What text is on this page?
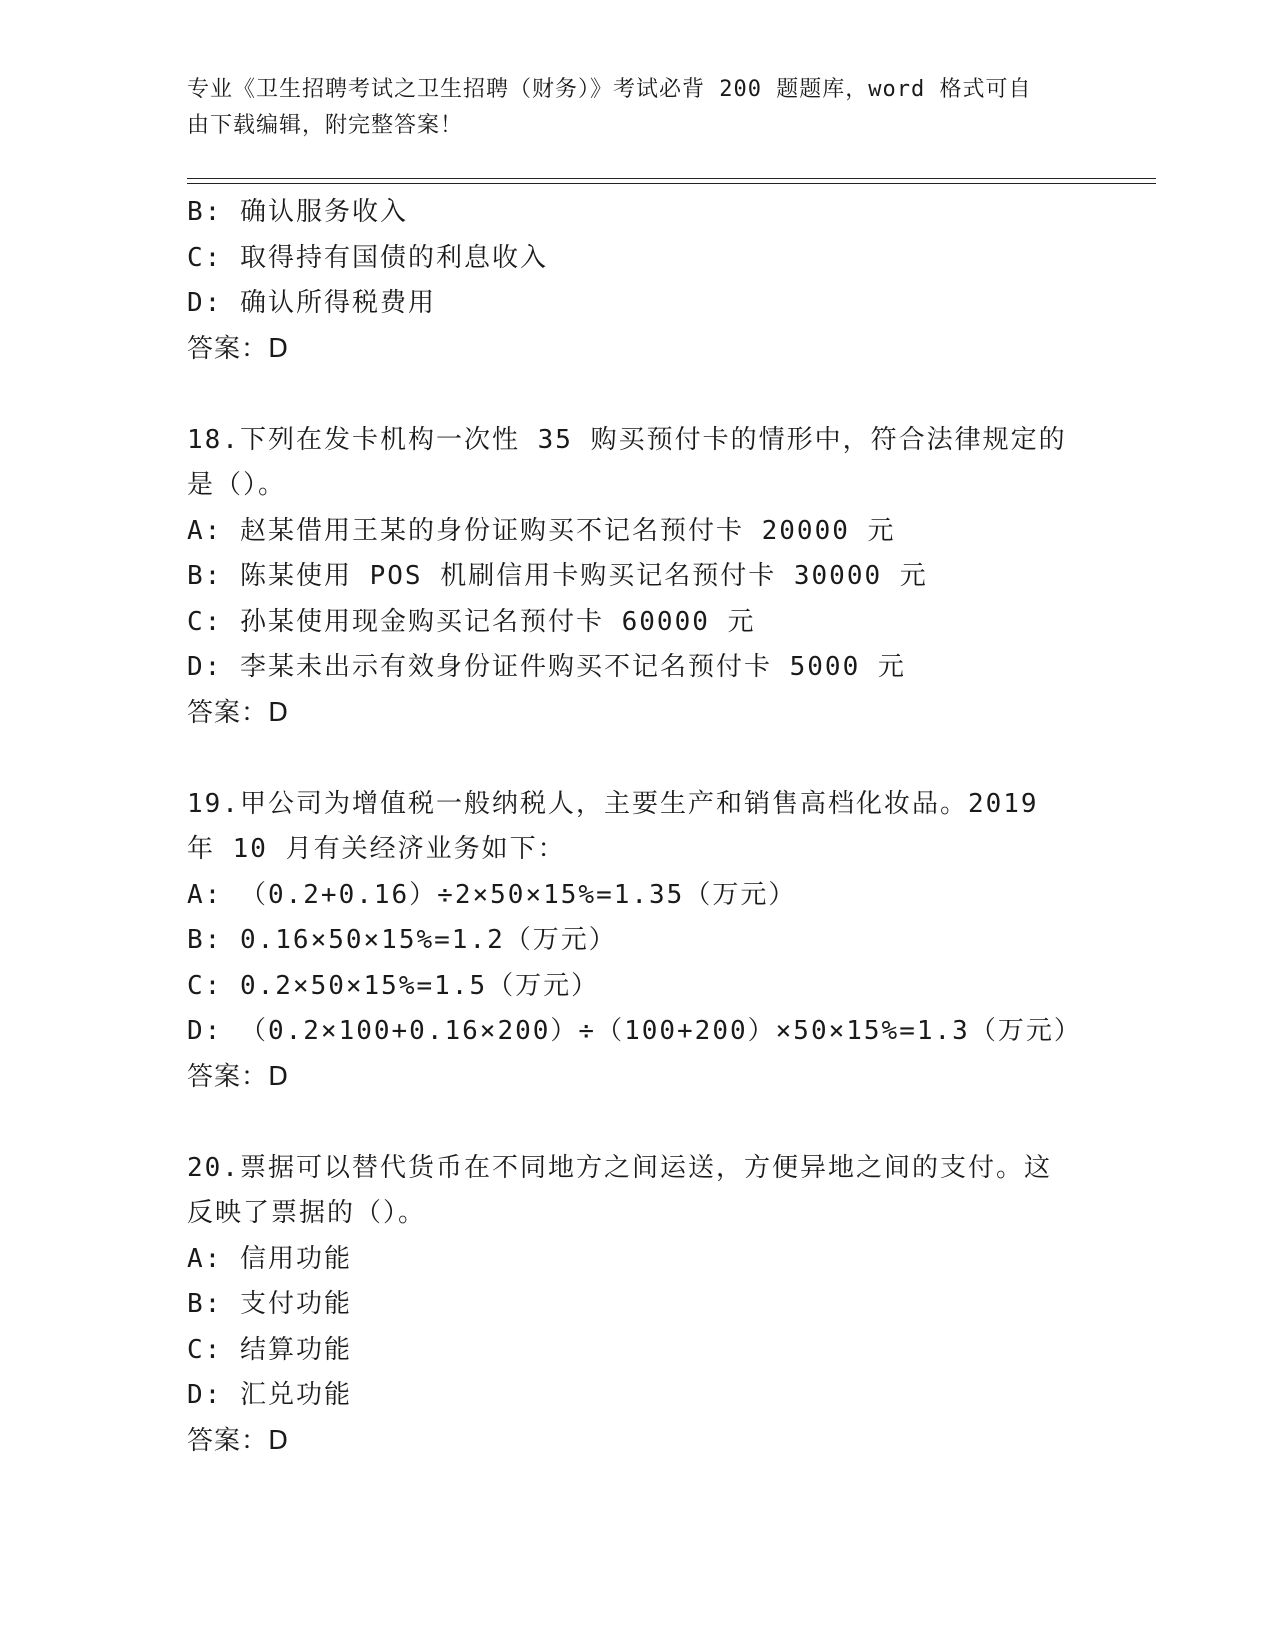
专业《卫生招聘考试之卫生招聘（财务）》考试必背 200 题题库，word 格式可自
由下载编辑，附完整答案！
B: 确认服务收入
C: 取得持有国债的利息收入
D: 确认所得税费用
答案：D
18.下列在发卡机构一次性 35 购买预付卡的情形中，符合法律规定的
是（）。
A: 赵某借用王某的身份证购买不记名预付卡 20000 元
B: 陈某使用 POS 机刷信用卡购买记名预付卡 30000 元
C: 孙某使用现金购买记名预付卡 60000 元
D: 李某未出示有效身份证件购买不记名预付卡 5000 元
答案：D
19.甲公司为增值税一般纳税人，主要生产和销售高档化妆品。2019
年 10 月有关经济业务如下：
A: （0.2+0.16）÷2×50×15%=1.35（万元）
B: 0.16×50×15%=1.2（万元）
C: 0.2×50×15%=1.5（万元）
D: （0.2×100+0.16×200）÷（100+200）×50×15%=1.3（万元）
答案：D
20.票据可以替代货币在不同地方之间运送，方便异地之间的支付。这
反映了票据的（）。
A: 信用功能
B: 支付功能
C: 结算功能
D: 汇兑功能
答案：D
